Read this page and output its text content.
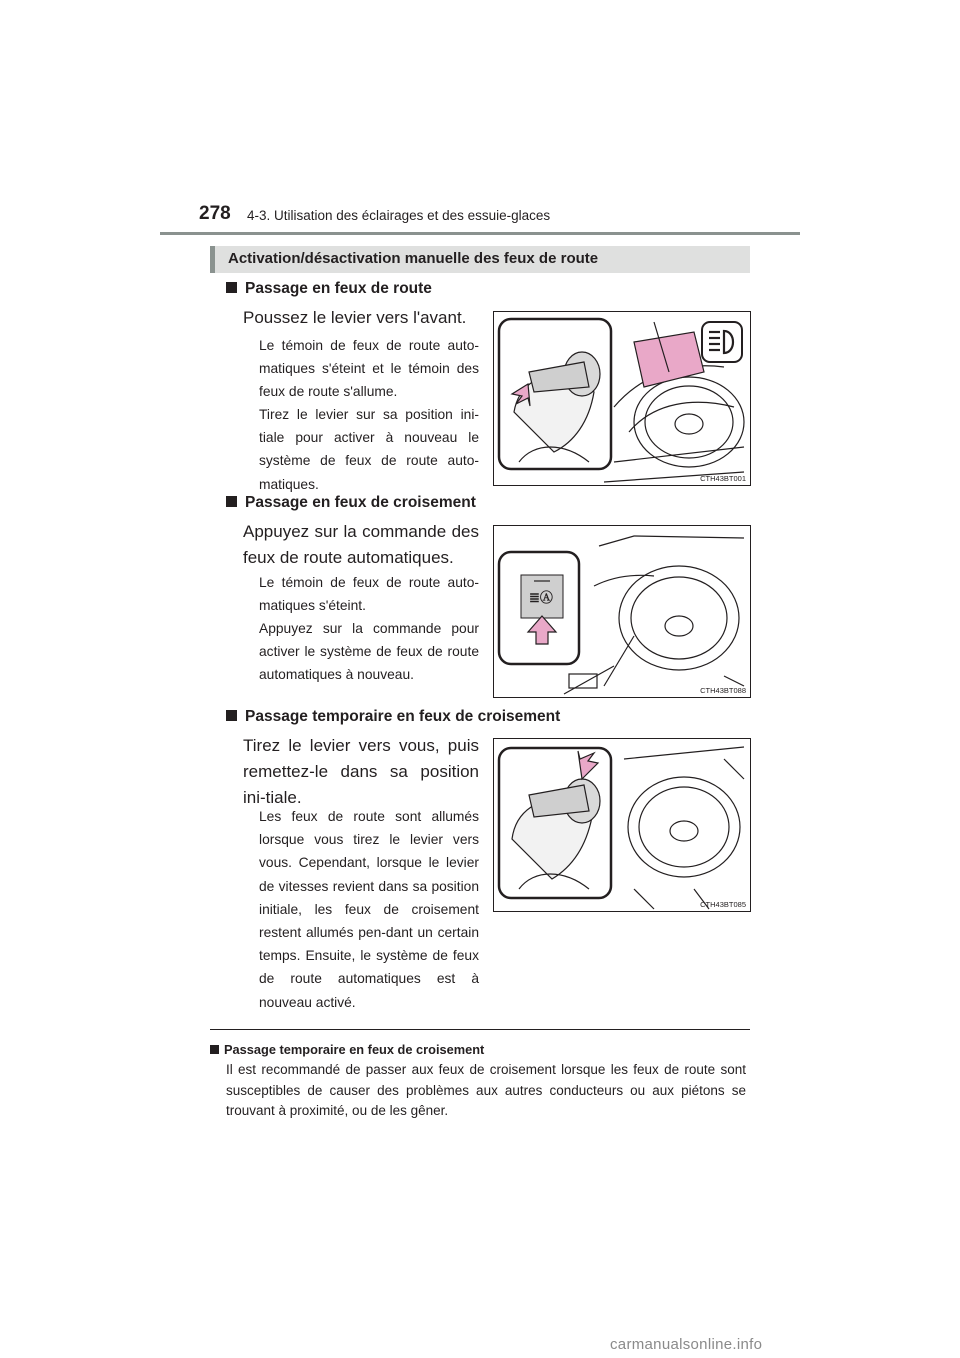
278 4-3. Utilisation des éclairages et des essuie-glaces
Activation/désactivation manuelle des feux de route
Passage en feux de route
Poussez le levier vers l'avant.
Le témoin de feux de route auto-matiques s'éteint et le témoin des feux de route s'allume.
Tirez le levier sur sa position ini-tiale pour activer à nouveau le système de feux de route auto-matiques.	CTH43BT001
Passage en feux de croisement
Appuyez sur la commande des feux de route automatiques.
Le témoin de feux de route auto-matiques s'éteint.
Appuyez sur la commande pour activer le système de feux de route automatiques à nouveau.
≣Ⓐ
CTH43BT088
Passage temporaire en feux de croisement
Tirez le levier vers vous, puis remettez-le dans sa position ini-tiale.
Les feux de route sont allumés lorsque vous tirez le levier vers vous. Cependant, lorsque le levier de vitesses revient dans sa position initiale, les feux de croisement restent allumés pen-dant un certain temps. Ensuite, le système de feux de route automatiques est à nouveau activé.
CTH43BT085
Passage temporaire en feux de croisement
Il est recommandé de passer aux feux de croisement lorsque les feux de route sont susceptibles de causer des problèmes aux autres conducteurs ou aux piétons se trouvant à proximité, ou de les gêner.
carmanualsonline.info
